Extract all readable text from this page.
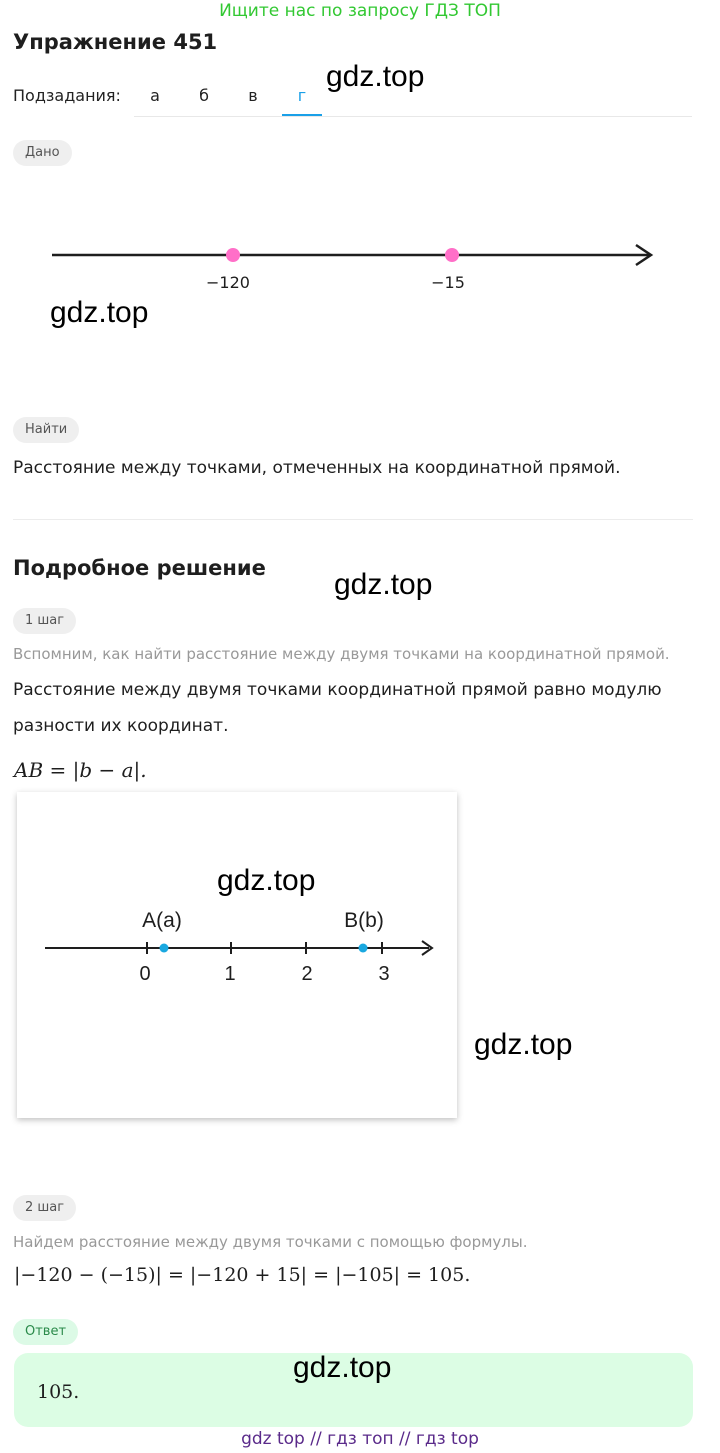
Ищите нас по запросу ГДЗ ТОП
Упражнение 451
gdz.top
Подзадания:	а	б	в	г
Дано
−120	−15
gdz.top
Найти
Расстояние между точками, отмеченных на координатной прямой.
Подробное решение gdz.top
1 шаг
Вспомним, как найти расстояние между двумя точками на координатной прямой.
Расстояние между двумя точками координатной прямой равно модулю
разности их координат.
AB = |b − a|.
gdz.top
0	1	2	3
A(a)	B(b)
gdz.top
2 шаг
Найдем расстояние между двумя точками с помощью формулы.
|−120 − (−15)| = |−120 + 15| = |−105| = 105.
Ответ
105.
gdz.top
gdz top // гдз топ // гдз top
